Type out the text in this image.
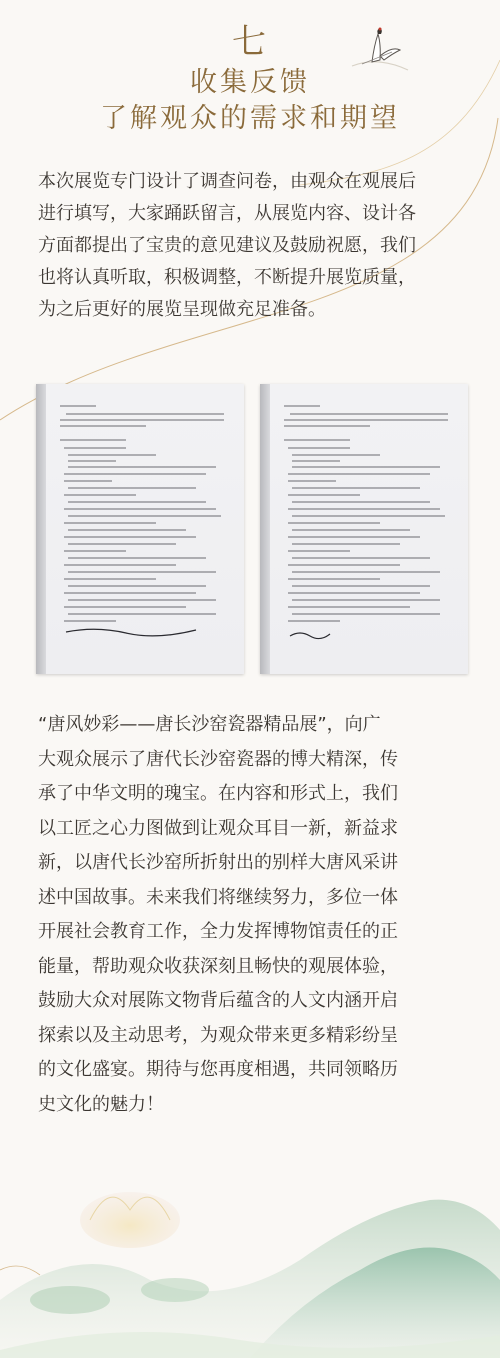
七
收集反馈
了解观众的需求和期望
本次展览专门设计了调查问卷，由观众在观展后
进行填写，大家踊跃留言，从展览内容、设计各
方面都提出了宝贵的意见建议及鼓励祝愿，我们
也将认真听取，积极调整，不断提升展览质量，
为之后更好的展览呈现做充足准备。
“唐风妙彩——唐长沙窑瓷器精品展”，向广
大观众展示了唐代长沙窑瓷器的博大精深，传
承了中华文明的瑰宝。在内容和形式上，我们
以工匠之心力图做到让观众耳目一新，新益求
新，以唐代长沙窑所折射出的别样大唐风采讲
述中国故事。未来我们将继续努力，多位一体
开展社会教育工作，全力发挥博物馆责任的正
能量，帮助观众收获深刻且畅快的观展体验，
鼓励大众对展陈文物背后蕴含的人文内涵开启
探索以及主动思考，为观众带来更多精彩纷呈
的文化盛宴。期待与您再度相遇，共同领略历
史文化的魅力！
